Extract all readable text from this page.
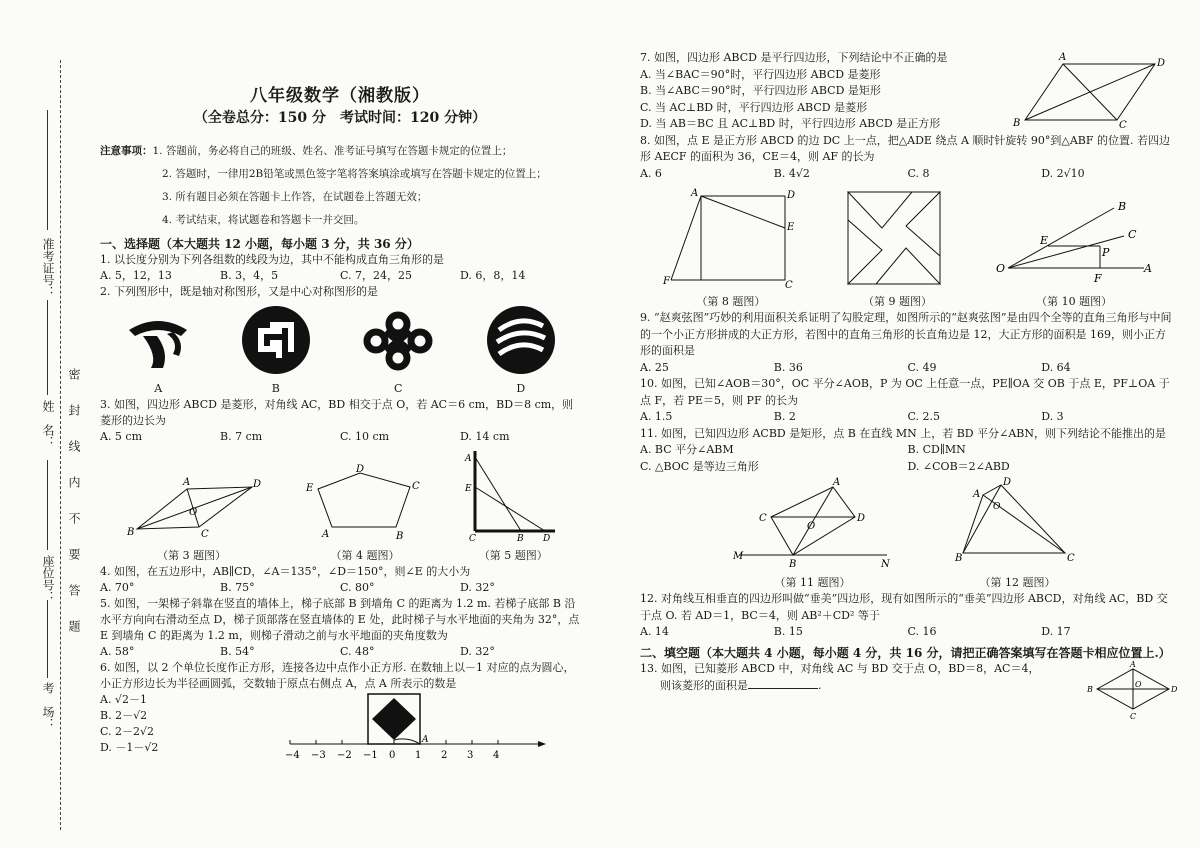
准考证号：
姓　名：
座位号：
考　场：
密　封　线　内　不　要　答　题
八年级数学（湘教版）
（全卷总分：150 分　考试时间：120 分钟）
注意事项：1. 答题前，务必将自己的班级、姓名、准考证号填写在答题卡规定的位置上；
2. 答题时，一律用2B铅笔或黑色签字笔将答案填涂或填写在答题卡规定的位置上；
3. 所有题目必须在答题卡上作答，在试题卷上答题无效；
4. 考试结束，将试题卷和答题卡一并交回。
一、选择题（本大题共 12 小题，每小题 3 分，共 36 分）
1. 以长度分别为下列各组数的线段为边，其中不能构成直角三角形的是
A. 5，12，13	B. 3，4，5	C. 7，24，25	D. 6，8，14
2. 下列图形中，既是轴对称图形，又是中心对称图形的是
A	B	C	D
3. 如图，四边形 ABCD 是菱形，对角线 AC，BD 相交于点 O，若 AC＝6 cm，BD＝8 cm，则菱形的边长为
A. 5 cm	B. 7 cm	C. 10 cm	D. 14 cm
A	D
B	C
O
（第 3 题图）
E
D
C
A	B
（第 4 题图）
A
E
C	B D
（第 5 题图）
4. 如图，在五边形中，AB∥CD，∠A＝135°，∠D＝150°，则∠E 的大小为
A. 70°	B. 75°	C. 80°	D. 32°
5. 如图，一架梯子斜靠在竖直的墙体上，梯子底部 B 到墙角 C 的距离为 1.2 m. 若梯子底部 B 沿水平方向向右滑动至点 D，梯子顶部落在竖直墙体的 E 处，此时梯子与水平地面的夹角为 32°，点 E 到墙角 C 的距离为 1.2 m，则梯子滑动之前与水平地面的夹角度数为
A. 58°	B. 54°	C. 48°	D. 32°
6. 如图，以 2 个单位长度作正方形，连接各边中点作小正方形. 在数轴上以－1 对应的点为圆心，小正方形边长为半径画圆弧，交数轴于原点右侧点 A，点 A 所表示的数是
A. √2－1
B. 2－√2
C. 2－2√2
D. －1－√2
−4 −3 −2 −1 0 1 2 3 4
A
7. 如图，四边形 ABCD 是平行四边形，下列结论中不正确的是
A. 当∠BAC＝90°时，平行四边形 ABCD 是菱形
B. 当∠ABC＝90°时，平行四边形 ABCD 是矩形
C. 当 AC⊥BD 时，平行四边形 ABCD 是菱形
D. 当 AB＝BC 且 AC⊥BD 时，平行四边形 ABCD 是正方形
A
D
B	C
8. 如图，点 E 是正方形 ABCD 的边 DC 上一点，把△ADE 绕点 A 顺时针旋转 90°到△ABF 的位置. 若四边形 AECF 的面积为 36，CE＝4，则 AF 的长为
A. 6	B. 4√2	C. 8	D. 2√10
A	D
E
F	C
（第 8 题图）	（第 9 题图）
O
B
C
A
E
P
F
（第 10 题图）
9. “赵爽弦图”巧妙的利用面积关系证明了勾股定理，如图所示的“赵爽弦图”是由四个全等的直角三角形与中间的一个小正方形拼成的大正方形，若图中的直角三角形的长直角边是 12，大正方形的面积是 169，则小正方形的面积是
A. 25	B. 36	C. 49	D. 64
10. 如图，已知∠AOB＝30°，OC 平分∠AOB，P 为 OC 上任意一点，PE∥OA 交 OB 于点 E，PF⊥OA 于点 F，若 PE＝5，则 PF 的长为
A. 1.5	B. 2	C. 2.5	D. 3
11. 如图，已知四边形 ACBD 是矩形，点 B 在直线 MN 上，若 BD 平分∠ABN，则下列结论不能推出的是
A. BC 平分∠ABM	B. CD∥MN
C. △BOC 是等边三角形	D. ∠COB＝2∠ABD
A
C	D
O
B
M
N
（第 11 题图）
A
D
O
B	C
（第 12 题图）
12. 对角线互相垂直的四边形叫做“垂美”四边形，现有如图所示的“垂美”四边形 ABCD，对角线 AC，BD 交于点 O. 若 AD＝1，BC＝4，则 AB²＋CD² 等于
A. 14	B. 15	C. 16	D. 17
二、填空题（本大题共 4 小题，每小题 4 分，共 16 分，请把正确答案填写在答题卡相应位置上.）
13. 如图，已知菱形 ABCD 中，对角线 AC 与 BD 交于点 O，BD＝8，AC＝4，
则该菱形的面积是	.
A
B	D
O
C
